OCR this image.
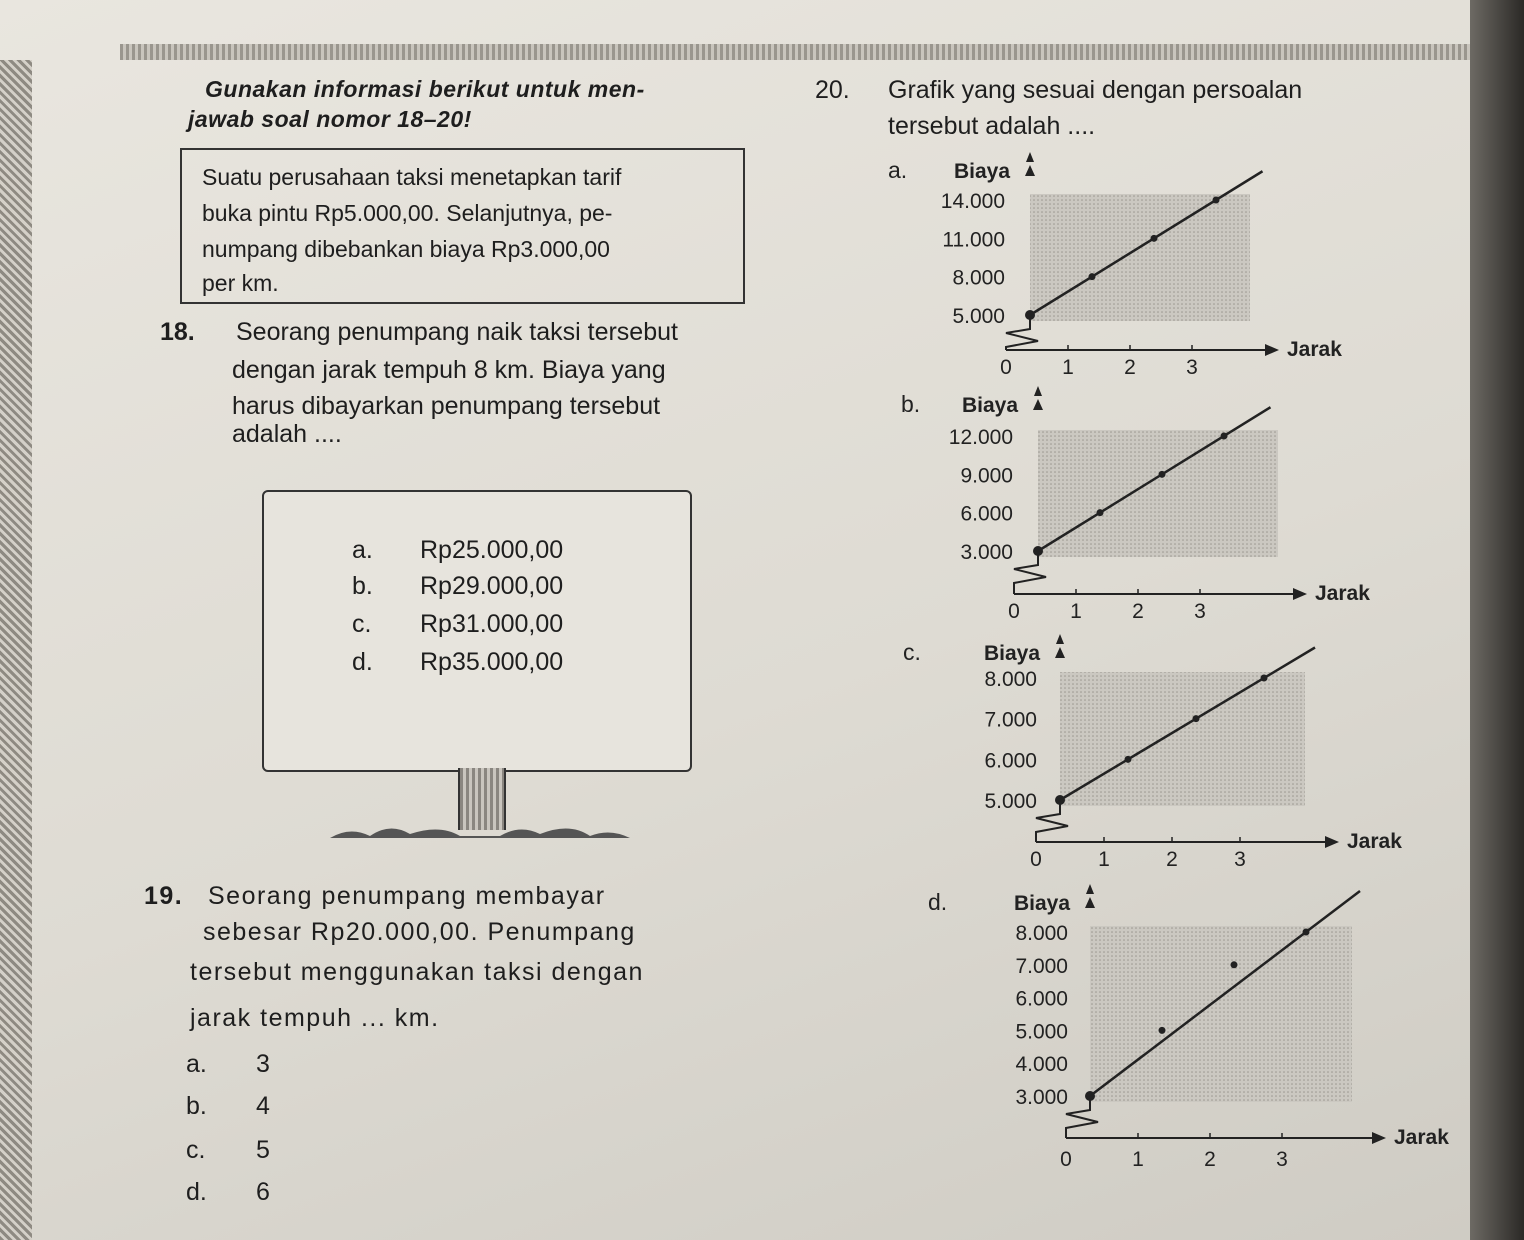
Gunakan informasi berikut untuk men-
jawab soal nomor 18–20!
Suatu perusahaan taksi menetapkan tarif
buka pintu Rp5.000,00. Selanjutnya, pe-
numpang dibebankan biaya Rp3.000,00
per km.
18. Seorang penumpang naik taksi tersebut
dengan jarak tempuh 8 km. Biaya yang
harus dibayarkan penumpang tersebut
adalah ....
a. Rp25.000,00
b. Rp29.000,00
c. Rp31.000,00
d. Rp35.000,00
19. Seorang penumpang membayar
sebesar Rp20.000,00. Penumpang
tersebut menggunakan taksi dengan
jarak tempuh ... km.
a. 3
b. 4
c. 5
d. 6
20. Grafik yang sesuai dengan persoalan
tersebut adalah ....
a. Biaya
Jarak
14.000
11.000
8.000
5.000
0 1 2 3
b. Biaya
Jarak
12.000
9.000
6.000
3.000
0 1 2 3
c.	Biaya
Jarak
8.000
7.000
6.000
5.000
0	1	2	3
d.	Biaya
Jarak
8.000
7.000
6.000
5.000
4.000
3.000
0	1	2	3
